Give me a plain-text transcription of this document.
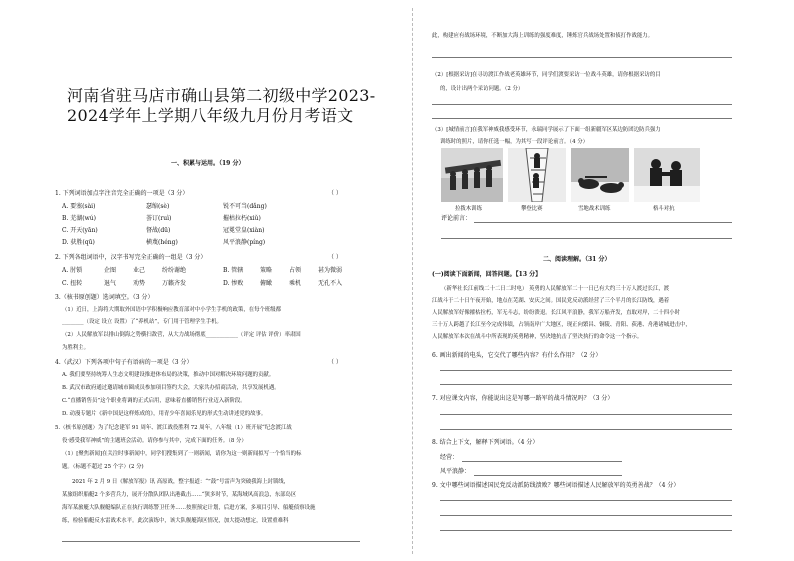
河南省驻马店市确山县第二初级中学2023-
2024学年上学期八年级九月份月考语文
一、积累与运用。（19 分）
1. 下列词语加点字注音完全正确的一项是（3 分）	（ ）
A. 要塞(sài)	瑟缩(sè)	锐不可当(dǎng)
B. 芜湖(wú)	荟订(ruì)	摧枯拉朽(xiǔ)
C. 开天(yān)	督战(dū)	冠冕堂皇(xiàn)
D. 获胜(qū)	横蔑(héng)	风平浪静(píng)
2. 下列各组词语中，汉字书写完全正确的一组是（3 分）	（ ）
A. 肘锁	企图	业己	纷纷谢绝	B. 管辖	策略	占领	甚为微弱
C. 扭转	退气	劝势	万籁齐发	D. 惨败	俯瞰	乘机	无孔不入
3.（核书原创题）选词填空。（3 分）
（1）近日，上海将大期取外国语中学积极响应教育部对中小学生手机的政策，在每个班级都
________（设定 设立 设置）了“养机站”，专门用于管理学生手机。
（2）人民解放军以排山倒海之势横扫敌营，从大力战场彻底____________（评定 评估 评价）率肃国
为胜利主。
4.（武汉）下列各项中句子有语病的一项是（3 分）	（ ）
A. 我们要坚持统筹人生态文明建设推进体布局的决策，推动中国对解决环境问题的贡献。
B. 武汉市政府通过邀请城市圈成员参加项目签约大会，大家共办招商活动，共享发展机遇。
C.“直播销售员”这个职业将调的正式启用，意味着直播销售行业迈入新阶段。
D. 动漫专题片《新中国是这样炼成的》，用青少年喜闻乐见的形式生动讲述党的故事。
5.（核书原创题）为了纪念建军 91 周年、渡江战役胜利 72 周年，八年级（1）班开展“纪念渡江战
役·感受我军神威”的主题班会活动。请你参与其中，完成下面的任务。（8 分）
（1）[聚焦新闻]在关注时事新闻中，同学们搜集到了一则新闻，请你为这一则新闻拟写一个恰当的标
题。（标题不超过 25 个字）(2 分)
2021 年 2 月 9 日《解放军报》讯 高原战，整字报道：“”鼓”号雷声为突破我海上封锁线，
某旅组织船艇2 个多营兵力，展开分散队团队出港截击……“狭多时节，某海域风高浪急，东部岛区
海军某旅艇大队舰艇编队正在执行训练警卫任务……按照预定计划，后进方案，多项目引导、船艇侦察设施
练，检验船艇反水雷战术水平。此次演练中，该大队舰艇海区情况，加大提动想定，设置重难科
此，构建应有战场环境，不断加大海上训练的强度难度，锤炼官兵战场处置和侦打作战能力。
（2）[根据采访]在寻访渡江作战老英雄环节，同学们渡要采访一位战斗英雄，请你根据采访的目
的，设计出两个采访问题。（2 分）
（3）[城情前言]在我军神威我感受环节，永瑞同学展示了下面一组新疆军区某边防团边防兵强力
训练时的照片，请你任选一幅，为其写一段评论前言。（4 分）
拉拨木训练	攀登比赛	雪地战术训练	格斗对抗
评论前言：
二、阅读理解。（31 分）
(一)阅读下面新闻，回答问题。【13 分】
（新华社长江前线二十二日二时电） 英勇的人民解放军二十一日已有大约三十万人渡过长江，渡
江战斗于二十日午夜开始，地点在芜湖、安庆之间。国民党反动派经营了三个半月的长江防线，遇着
人民解放军好像摧枯拉朽，军无斗志，纷纷溃退。长江风平浪静，我军万船齐发，直取对岸，二十四小时
三十万人跨越了长江至今完成伟绩，占领南岸广大地区，现正向繁昌、铜陵、青阳、荻港、舟港诸城进击中，
人民解放军本次在战斗中所表现的英勇精神，坚决地抗击了坚决执行的命令这一个指示。
6. 画出新闻的电头，它交代了哪些内容？有什么作用？（2 分）
7. 对应课文内容，你能说出这是写哪一路军的战斗情况吗？（3 分）
8. 结合上下文，解释下列词语。（4 分）
经营：
风平浪静：
9. 文中哪些词语描述国民党反动派防线溃败？哪些词语描述人民解放军的英勇善战？（4 分）
